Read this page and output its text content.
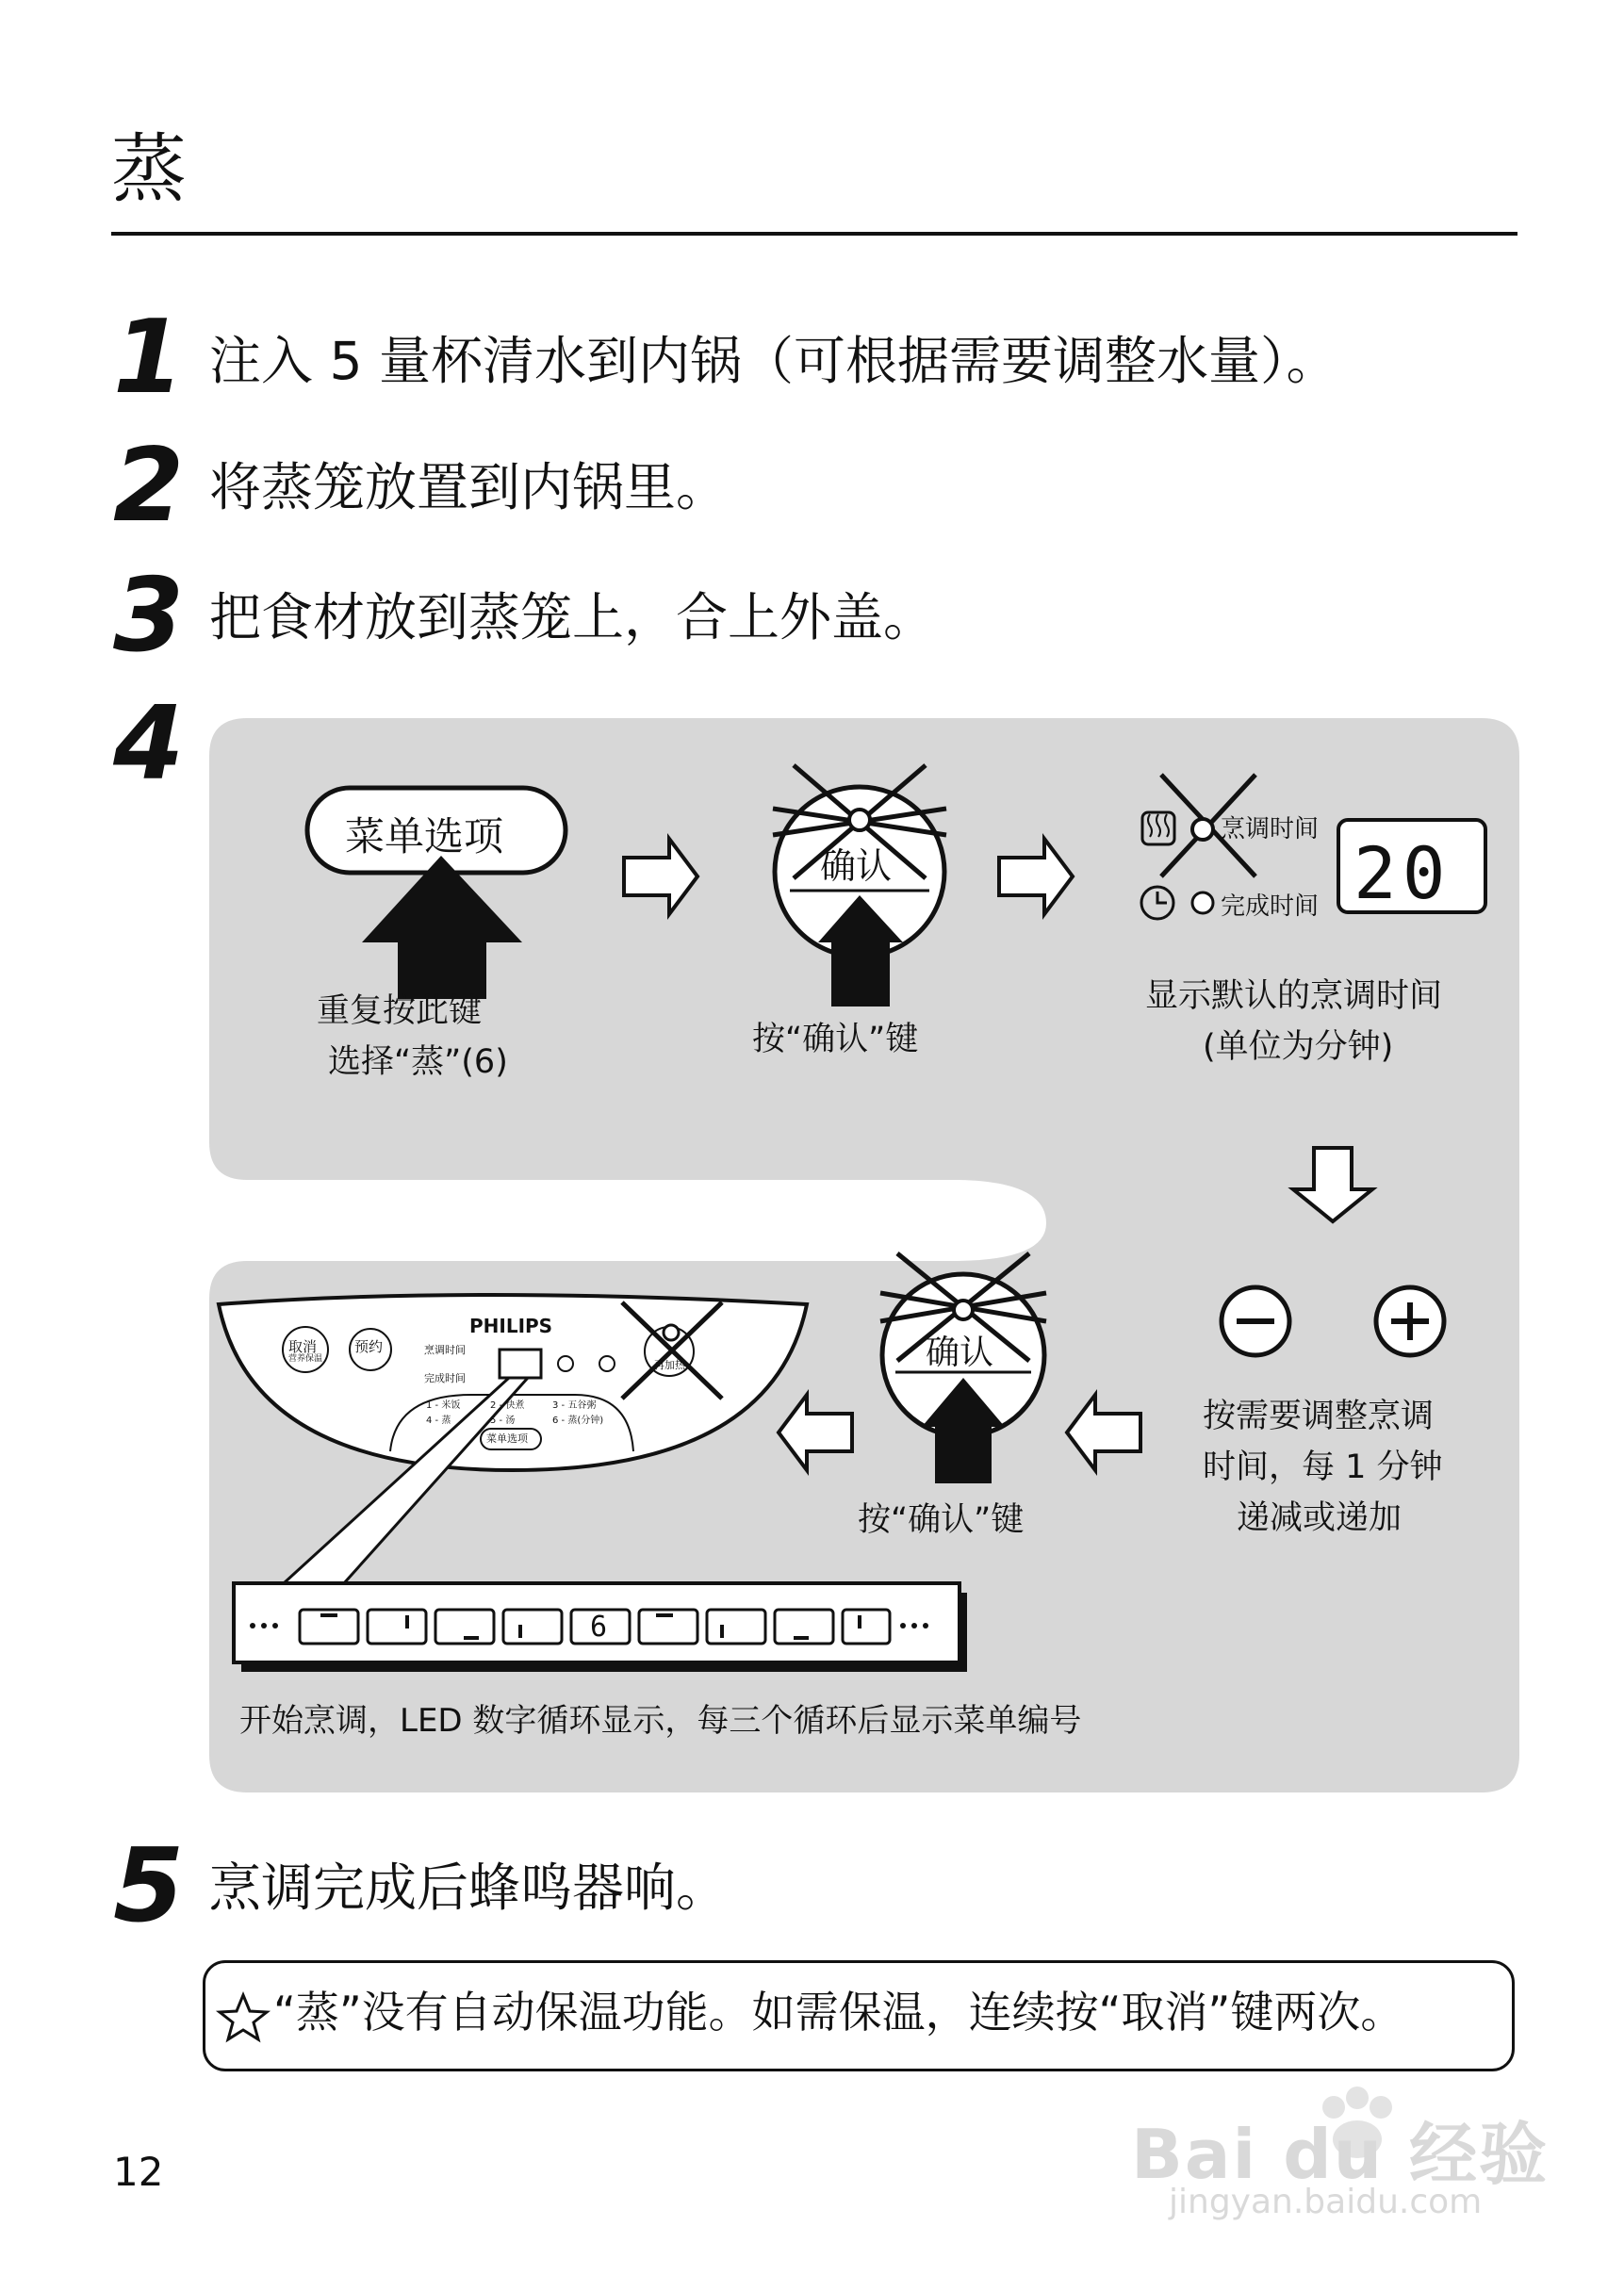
蒸
1 注入 5 量杯清水到内锅（可根据需要调整水量）。
2 将蒸笼放置到内锅里。
3 把食材放到蒸笼上，合上外盖。
4
菜单选项
重复按此键
选择“蒸”(6)
确认
按“确认”键
烹调时间
完成时间 20
显示默认的烹调时间
(单位为分钟)
按需要调整烹调
时间，每 1 分钟
递减或递加
确认
按“确认”键
PHILIPS
取消
营养保温
预约	烹调时间
完成时间
再加热
1 - 米饭	2 - 快煮	3 - 五谷粥
4 - 蒸	5 - 汤	6 - 蒸(分钟)
菜单选项
6
开始烹调，LED 数字循环显示，每三个循环后显示菜单编号
5 烹调完成后蜂鸣器响。
“蒸”没有自动保温功能。如需保温，连续按“取消”键两次。
12	Bai du 经验
jingyan.baidu.com
